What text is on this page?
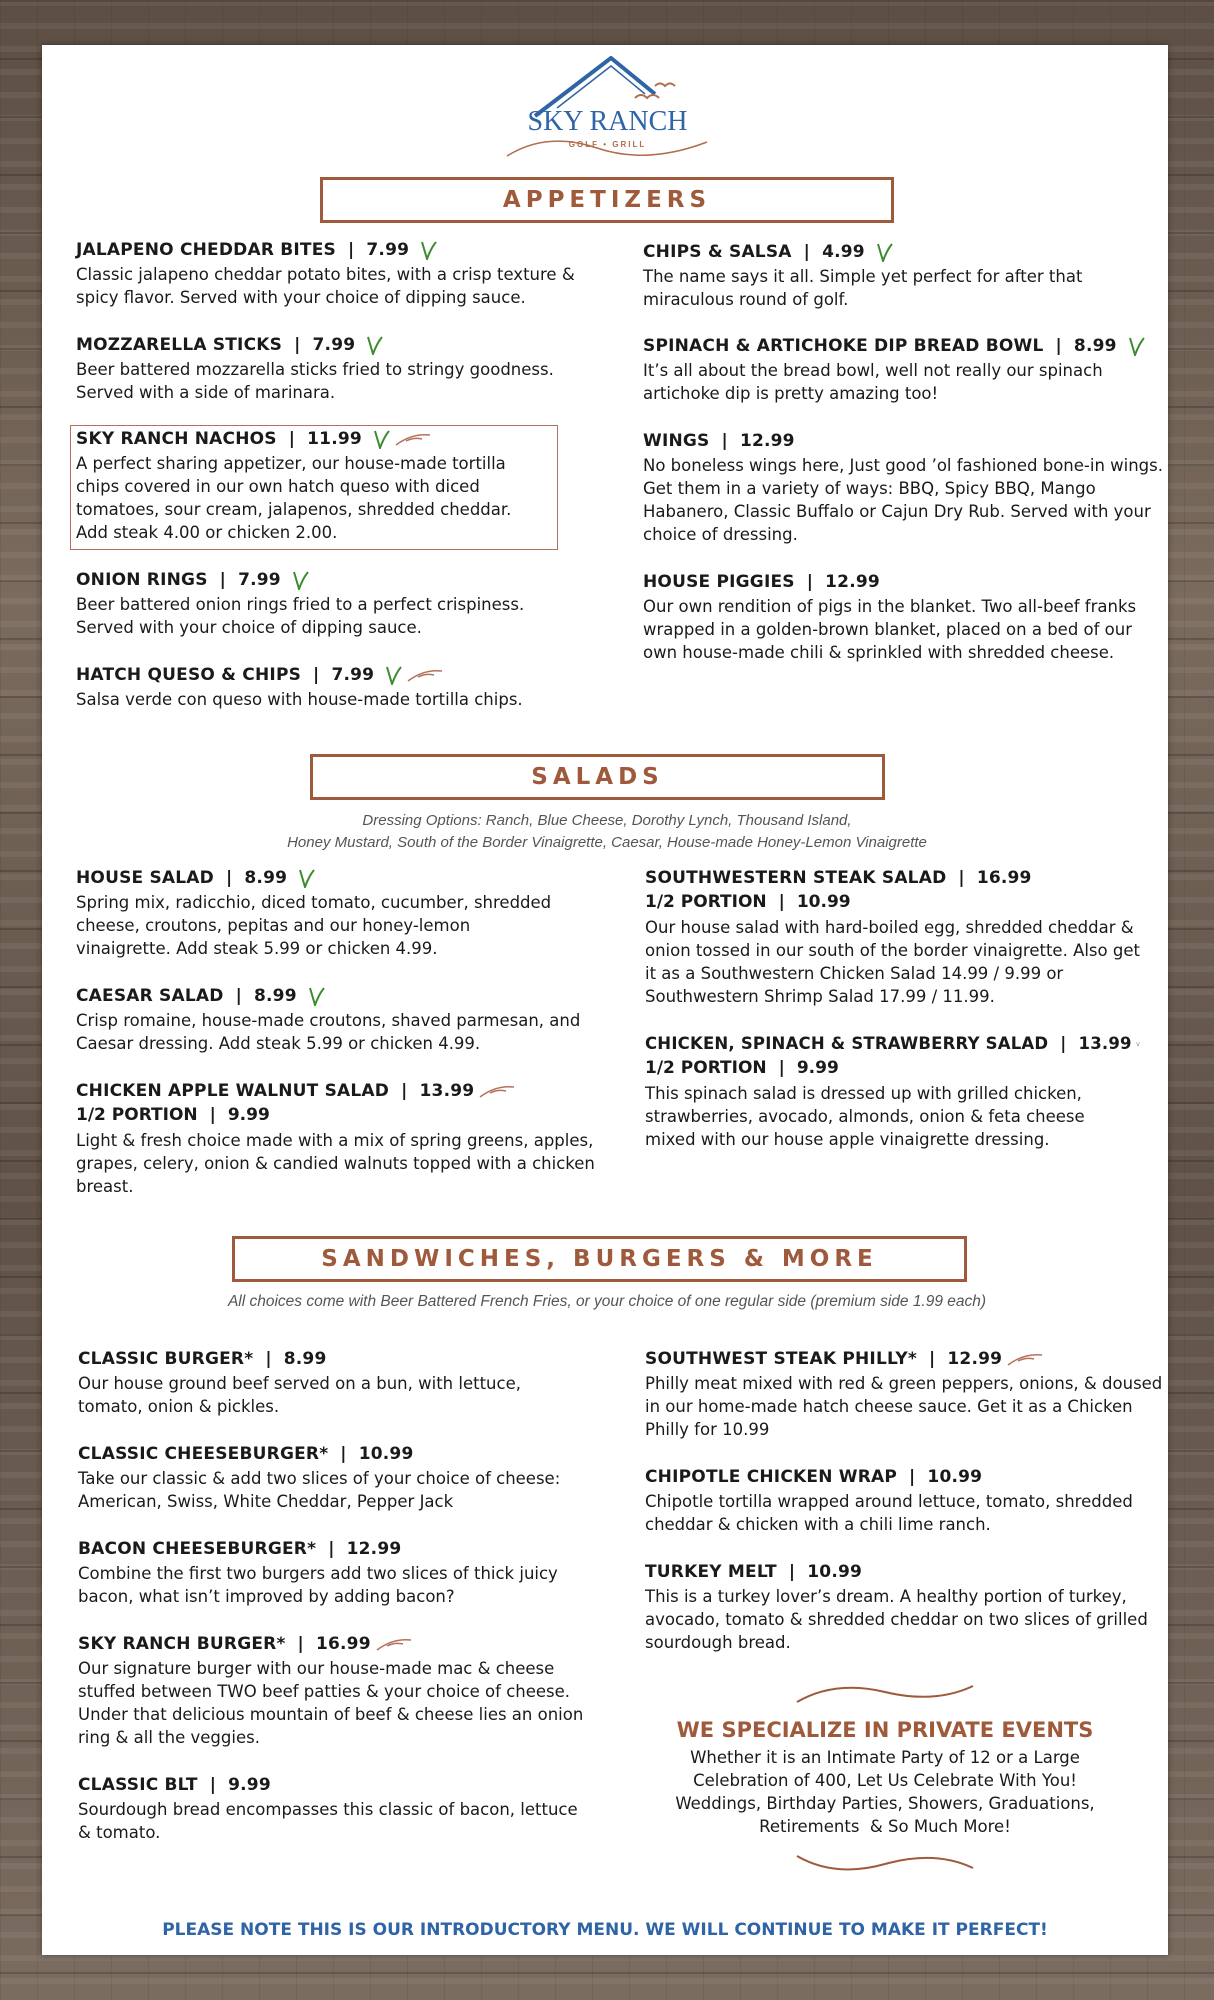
SKY RANCH
GOLF • GRILL
APPETIZERS
SALADS
SANDWICHES, BURGERS & MORE
Dressing Options: Ranch, Blue Cheese, Dorothy Lynch, Thousand Island,
Honey Mustard, South of the Border Vinaigrette, Caesar, House-made Honey-Lemon Vinaigrette
All choices come with Beer Battered French Fries, or your choice of one regular side (premium side 1.99 each)
JALAPENO CHEDDAR BITES | 7.99
Classic jalapeno cheddar potato bites, with a crisp texture & spicy flavor. Served with your choice of dipping sauce.
MOZZARELLA STICKS | 7.99
Beer battered mozzarella sticks fried to stringy goodness. Served with a side of marinara.
SKY RANCH NACHOS | 11.99
A perfect sharing appetizer, our house-made tortilla chips covered in our own hatch queso with diced tomatoes, sour cream, jalapenos, shredded cheddar. Add steak 4.00 or chicken 2.00.
ONION RINGS | 7.99
Beer battered onion rings fried to a perfect crispiness. Served with your choice of dipping sauce.
HATCH QUESO & CHIPS | 7.99
Salsa verde con queso with house-made tortilla chips.
CHIPS & SALSA | 4.99
The name says it all. Simple yet perfect for after that miraculous round of golf.
SPINACH & ARTICHOKE DIP BREAD BOWL | 8.99
It’s all about the bread bowl, well not really our spinach artichoke dip is pretty amazing too!
WINGS | 12.99
No boneless wings here, Just good ’ol fashioned bone-in wings. Get them in a variety of ways: BBQ, Spicy BBQ, Mango Habanero, Classic Buffalo or Cajun Dry Rub. Served with your choice of dressing.
HOUSE PIGGIES | 12.99
Our own rendition of pigs in the blanket. Two all-beef franks wrapped in a golden-brown blanket, placed on a bed of our own house-made chili & sprinkled with shredded cheese.
HOUSE SALAD | 8.99
Spring mix, radicchio, diced tomato, cucumber, shredded cheese, croutons, pepitas and our honey-lemon vinaigrette. Add steak 5.99 or chicken 4.99.
CAESAR SALAD | 8.99
Crisp romaine, house-made croutons, shaved parmesan, and Caesar dressing. Add steak 5.99 or chicken 4.99.
CHICKEN APPLE WALNUT SALAD | 13.99
1/2 PORTION | 9.99
Light & fresh choice made with a mix of spring greens, apples, grapes, celery, onion & candied walnuts topped with a chicken breast.
SOUTHWESTERN STEAK SALAD | 16.99
1/2 PORTION | 10.99
Our house salad with hard-boiled egg, shredded cheddar & onion tossed in our south of the border vinaigrette. Also get it as a Southwestern Chicken Salad 14.99 / 9.99 or Southwestern Shrimp Salad 17.99 / 11.99.
CHICKEN, SPINACH & STRAWBERRY SALAD | 13.99
1/2 PORTION | 9.99
This spinach salad is dressed up with grilled chicken, strawberries, avocado, almonds, onion & feta cheese mixed with our house apple vinaigrette dressing.
CLASSIC BURGER* | 8.99
Our house ground beef served on a bun, with lettuce, tomato, onion & pickles.
CLASSIC CHEESEBURGER* | 10.99
Take our classic & add two slices of your choice of cheese: American, Swiss, White Cheddar, Pepper Jack
BACON CHEESEBURGER* | 12.99
Combine the first two burgers add two slices of thick juicy bacon, what isn’t improved by adding bacon?
SKY RANCH BURGER* | 16.99
Our signature burger with our house-made mac & cheese stuffed between TWO beef patties & your choice of cheese. Under that delicious mountain of beef & cheese lies an onion ring & all the veggies.
CLASSIC BLT | 9.99
Sourdough bread encompasses this classic of bacon, lettuce & tomato.
SOUTHWEST STEAK PHILLY* | 12.99
Philly meat mixed with red & green peppers, onions, & doused in our home-made hatch cheese sauce. Get it as a Chicken Philly for 10.99
CHIPOTLE CHICKEN WRAP | 10.99
Chipotle tortilla wrapped around lettuce, tomato, shredded cheddar & chicken with a chili lime ranch.
TURKEY MELT | 10.99
This is a turkey lover’s dream. A healthy portion of turkey, avocado, tomato & shredded cheddar on two slices of grilled sourdough bread.
WE SPECIALIZE IN PRIVATE EVENTS
Whether it is an Intimate Party of 12 or a Large
Celebration of 400, Let Us Celebrate With You!
Weddings, Birthday Parties, Showers, Graduations,
Retirements  & So Much More!
PLEASE NOTE THIS IS OUR INTRODUCTORY MENU. WE WILL CONTINUE TO MAKE IT PERFECT!
